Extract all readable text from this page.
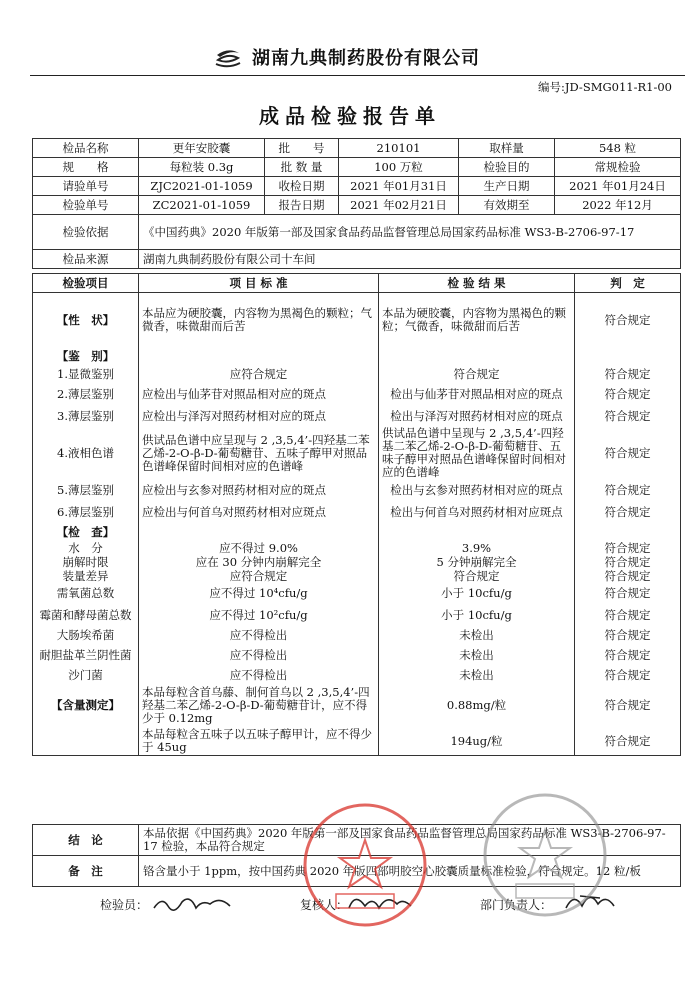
湖南九典制药股份有限公司
编号:JD-SMG011-R1-00
成品检验报告单
检品名称	更年安胶囊	批　　号	210101	取样量	548 粒
规　　格	每粒装 0.3g	批 数 量	100 万粒	检验目的	常规检验
请验单号	ZJC2021-01-1059	收检日期	2021 年01月31日	生产日期	2021 年01月24日
检验单号	ZC2021-01-1059	报告日期	2021 年02月21日	有效期至	2022 年12月
检验依据	《中国药典》2020 年版第一部及国家食品药品监督管理总局国家药品标准 WS3-B-2706-97-17				
检品来源	湖南九典制药股份有限公司十车间				
检验项目	项 目 标 准	检 验 结 果	判　定
【性　状】	本品应为硬胶囊，内容物为黑褐色的颗粒；气微香，味微甜而后苦	本品为硬胶囊，内容物为黑褐色的颗粒；气微香，味微甜而后苦	符合规定
【鉴　别】			
1.显微鉴别	应符合规定	符合规定	符合规定
2.薄层鉴别	应检出与仙茅苷对照品相对应的斑点	检出与仙茅苷对照品相对应的斑点	符合规定
3.薄层鉴别	应检出与泽泻对照药材相对应的斑点	检出与泽泻对照药材相对应的斑点	符合规定
4.液相色谱	供试品色谱中应呈现与 2 ,3,5,4’-四羟基二苯乙烯-2-O-β-D-葡萄糖苷、五味子醇甲对照品色谱峰保留时间相对应的色谱峰	供试品色谱中呈现与 2 ,3,5,4’-四羟基二苯乙烯-2-O-β-D-葡萄糖苷、五味子醇甲对照品色谱峰保留时间相对应的色谱峰	符合规定
5.薄层鉴别	应检出与玄参对照药材相对应的斑点	检出与玄参对照药材相对应的斑点	符合规定
6.薄层鉴别	应检出与何首乌对照药材相对应斑点	检出与何首乌对照药材相对应斑点	符合规定
【检　查】			
水　分	应不得过 9.0%	3.9%	符合规定
崩解时限	应在 30 分钟内崩解完全	5 分钟崩解完全	符合规定
装量差异	应符合规定	符合规定	符合规定
需氧菌总数	应不得过 10⁴cfu/g	小于 10cfu/g	符合规定
霉菌和酵母菌总数	应不得过 10²cfu/g	小于 10cfu/g	符合规定
大肠埃希菌	应不得检出	未检出	符合规定
耐胆盐革兰阴性菌	应不得检出	未检出	符合规定
沙门菌	应不得检出	未检出	符合规定
【含量测定】	本品每粒含首乌藤、制何首乌以 2 ,3,5,4’-四羟基二苯乙烯-2-O-β-D-葡萄糖苷计，应不得少于 0.12mg	0.88mg/粒	符合规定
	本品每粒含五味子以五味子醇甲计，应不得少于 45ug	194ug/粒	符合规定
结　论	本品依据《中国药典》2020 年版第一部及国家食品药品监督管理总局国家药品标准 WS3-B-2706-97-17 检验，本品符合规定
备　注	铬含量小于 1ppm，按中国药典 2020 年版四部明胶空心胶囊质量标准检验，符合规定。12 粒/板
检验员：	复核人：	部门负责人：
